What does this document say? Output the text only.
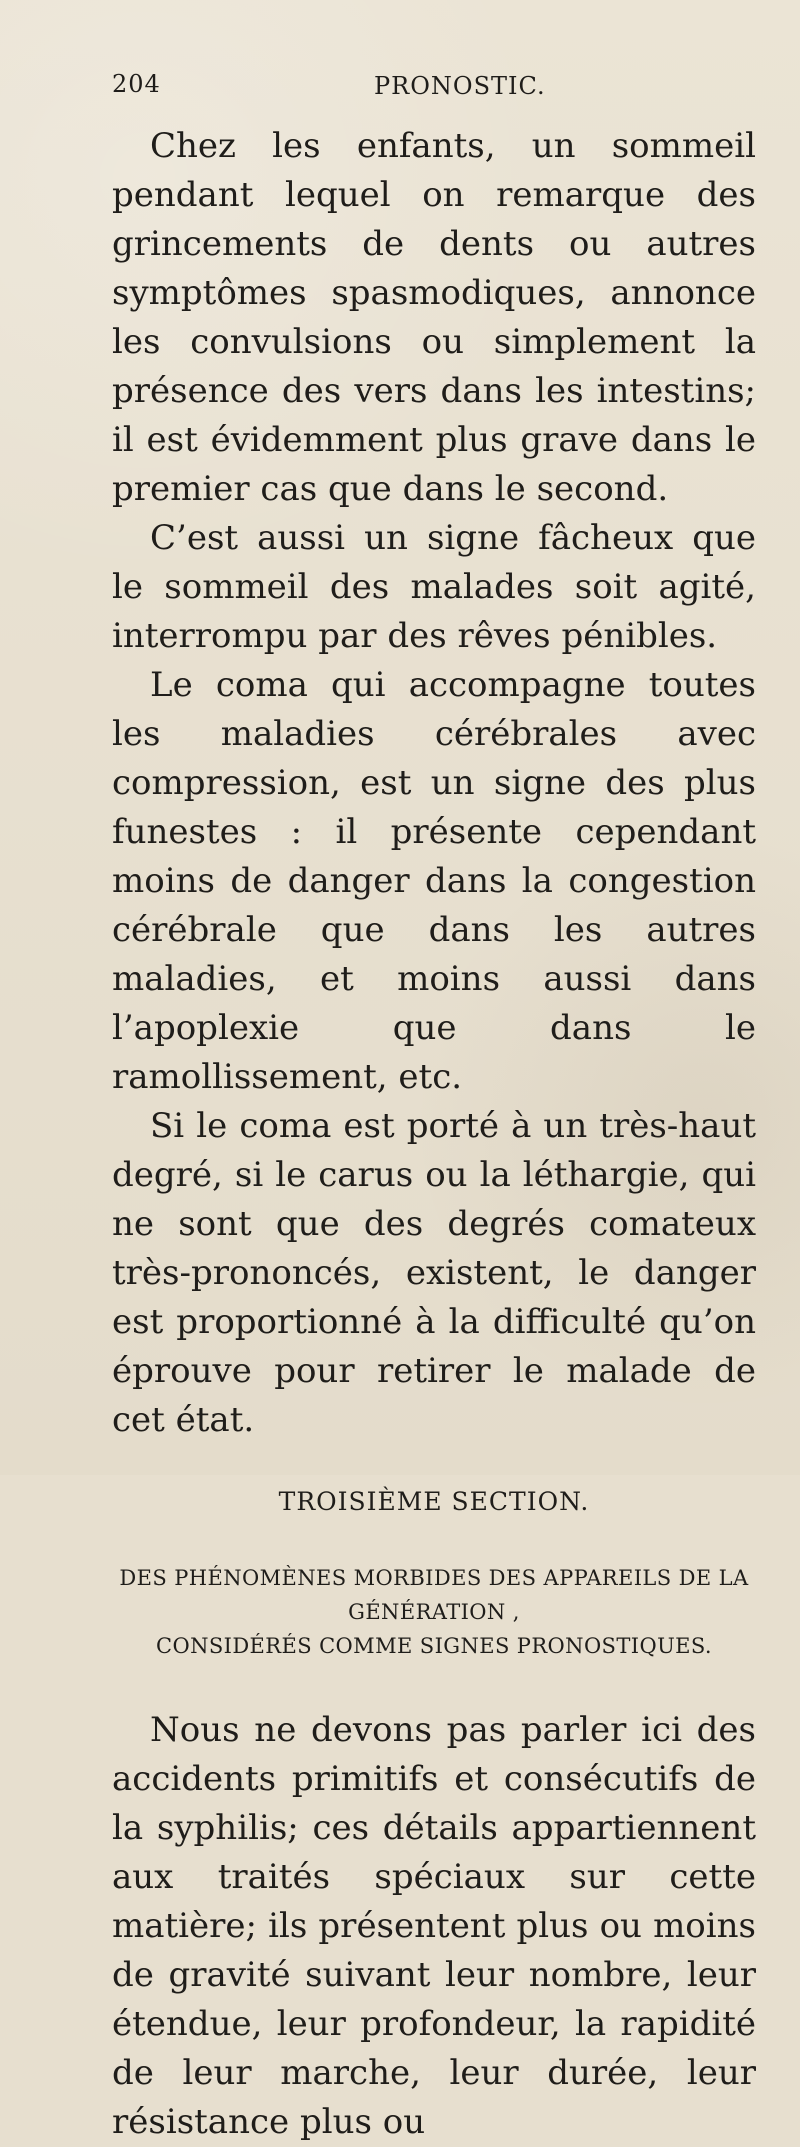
204	PRONOSTIC.

Chez les enfants, un sommeil pendant lequel on remarque des grincements de dents ou autres symptômes spasmodiques, annonce les convulsions ou simplement la présence des vers dans les intestins; il est évidemment plus grave dans le premier cas que dans le second.

C’est aussi un signe fâcheux que le sommeil des malades soit agité, interrompu par des rêves pénibles.

Le coma qui accompagne toutes les maladies cérébrales avec compression, est un signe des plus funestes : il présente cependant moins de danger dans la congestion cérébrale que dans les autres maladies, et moins aussi dans l’apoplexie que dans le ramollissement, etc.

Si le coma est porté à un très-haut degré, si le carus ou la léthargie, qui ne sont que des degrés comateux très-prononcés, existent, le danger est proportionné à la difficulté qu’on éprouve pour retirer le malade de cet état.

TROISIÈME SECTION.
DES PHÉNOMÈNES MORBIDES DES APPAREILS DE LA GÉNÉRATION ,
CONSIDÉRÉS COMME SIGNES PRONOSTIQUES.

Nous ne devons pas parler ici des accidents primitifs et consécutifs de la syphilis; ces détails appartiennent aux traités spéciaux sur cette matière; ils présentent plus ou moins de gravité suivant leur nombre, leur étendue, leur profondeur, la rapidité de leur marche, leur durée, leur résistance plus ou
